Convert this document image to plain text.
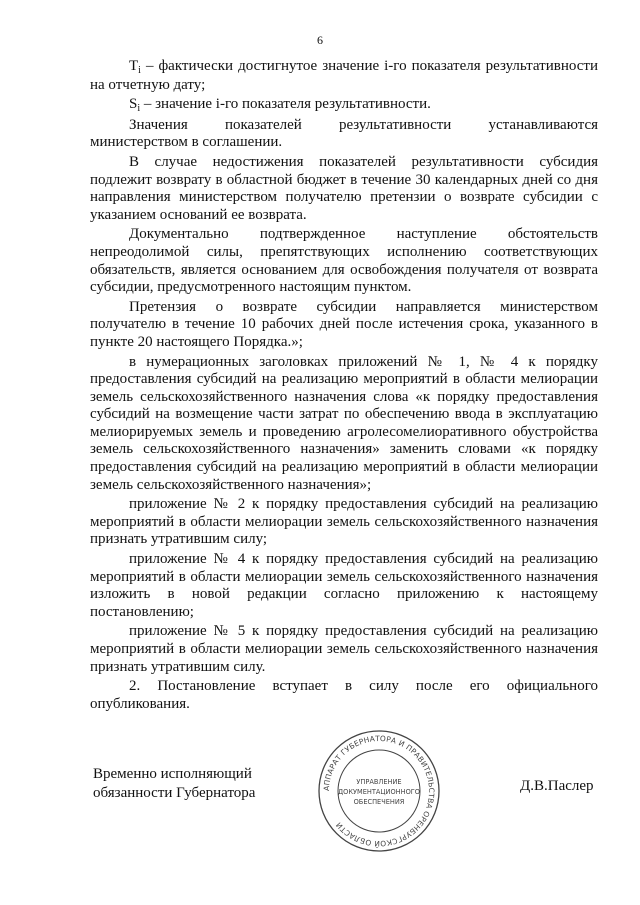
6

$T_i$ – фактически достигнутое значение i-го показателя результативности на отчетную дату;

$S_i$ – значение i-го показателя результативности.

Значения показателей результативности устанавливаются министерством в соглашении.

В случае недостижения показателей результативности субсидия подлежит возврату в областной бюджет в течение 30 календарных дней со дня направления министерством получателю претензии о возврате субсидии с указанием оснований ее возврата.

Документально подтвержденное наступление обстоятельств непреодолимой силы, препятствующих исполнению соответствующих обязательств, является основанием для освобождения получателя от возврата субсидии, предусмотренного настоящим пунктом.

Претензия о возврате субсидии направляется министерством получателю в течение 10 рабочих дней после истечения срока, указанного в пункте 20 настоящего Порядка.»;

в нумерационных заголовках приложений № 1, № 4 к порядку предоставления субсидий на реализацию мероприятий в области мелиорации земель сельскохозяйственного назначения слова «к порядку предоставления субсидий на возмещение части затрат по обеспечению ввода в эксплуатацию мелиорируемых земель и проведению агролесомелиоративного обустройства земель сельскохозяйственного назначения» заменить словами «к порядку предоставления субсидий на реализацию мероприятий в области мелиорации земель сельскохозяйственного назначения»;

приложение № 2 к порядку предоставления субсидий на реализацию мероприятий в области мелиорации земель сельскохозяйственного назначения признать утратившим силу;

приложение № 4 к порядку предоставления субсидий на реализацию мероприятий в области мелиорации земель сельскохозяйственного назначения изложить в новой редакции согласно приложению к настоящему постановлению;

приложение № 5 к порядку предоставления субсидий на реализацию мероприятий в области мелиорации земель сельскохозяйственного назначения признать утратившим силу.

2. Постановление вступает в силу после его официального опубликования.

Временно исполняющий
обязанности Губернатора	АППАРАТ ГУБЕРНАТОРА И ПРАВИТЕЛЬСТВА ОРЕНБУРГСКОЙ ОБЛАСТИ
УПРАВЛЕНИЕ
ДОКУМЕНТАЦИОННОГО
ОБЕСПЕЧЕНИЯ
Д.В.Паслер
